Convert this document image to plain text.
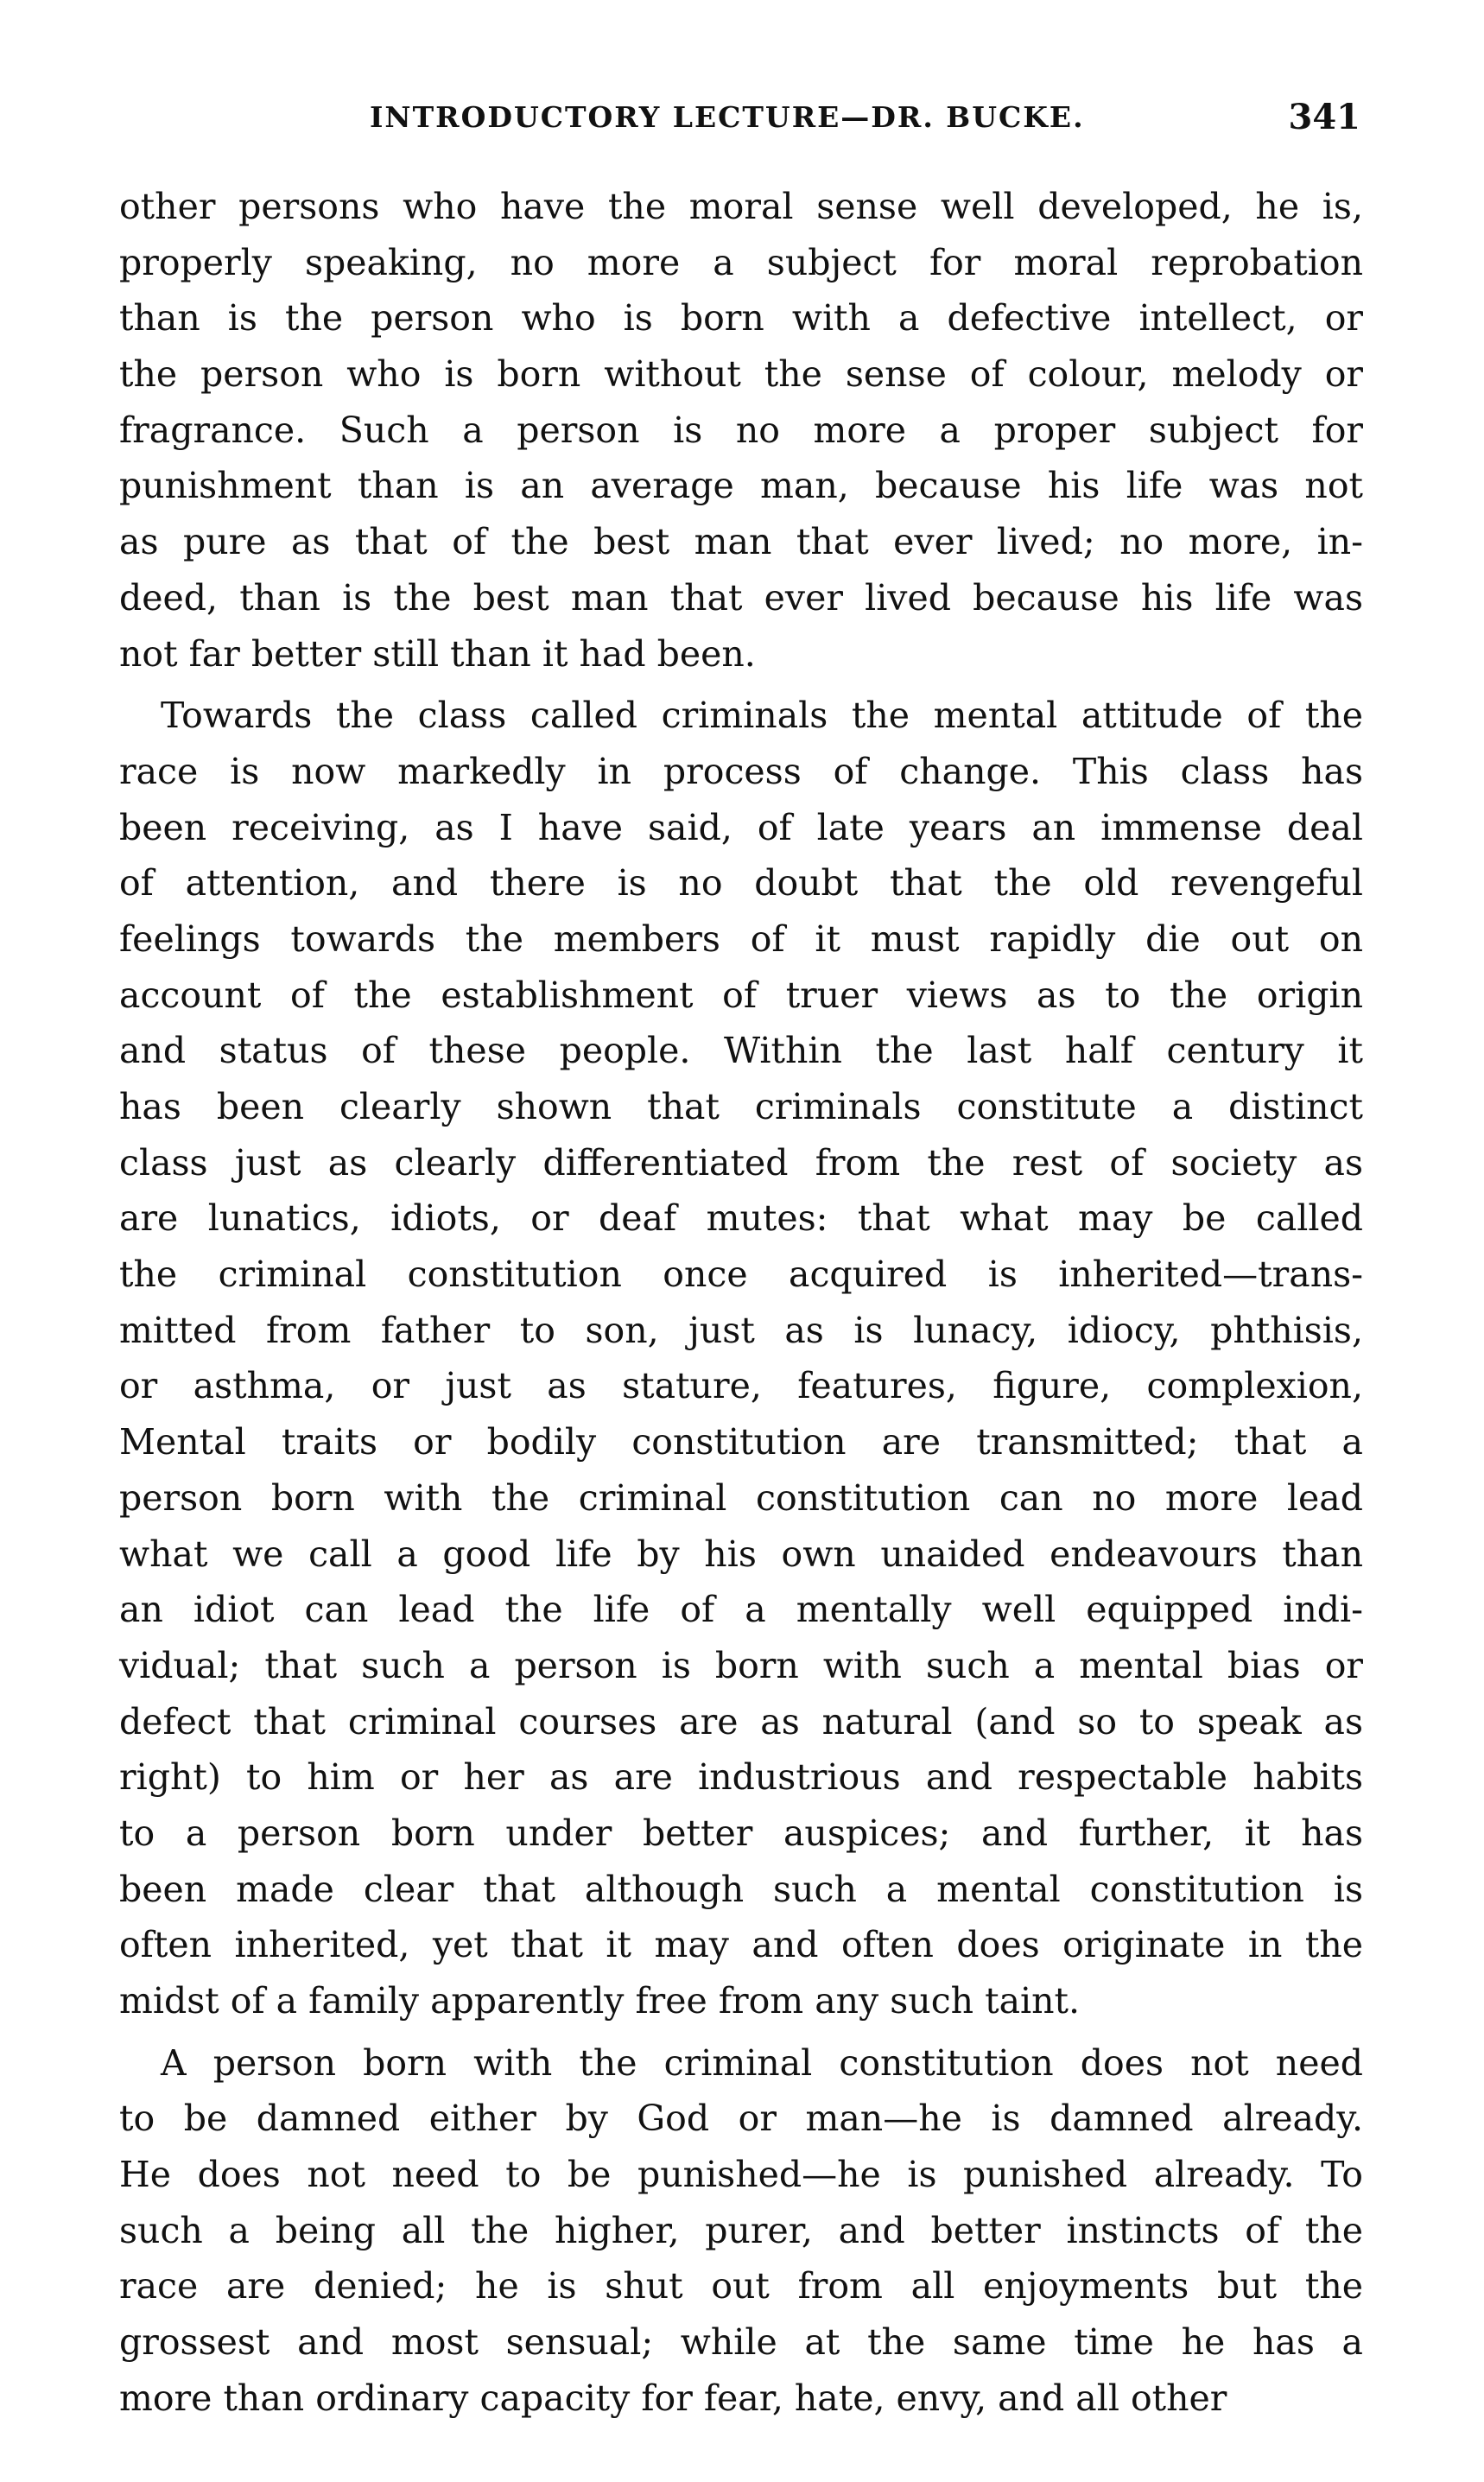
INTRODUCTORY LECTURE—DR. BUCKE.	341
other persons who have the moral sense well developed, he is,
properly speaking, no more a subject for moral reprobation
than is the person who is born with a defective intellect, or
the person who is born without the sense of colour, melody or
fragrance. Such a person is no more a proper subject for
punishment than is an average man, because his life was not
as pure as that of the best man that ever lived; no more, in-
deed, than is the best man that ever lived because his life was
not far better still than it had been.
Towards the class called criminals the mental attitude of the
race is now markedly in process of change. This class has
been receiving, as I have said, of late years an immense deal
of attention, and there is no doubt that the old revengeful
feelings towards the members of it must rapidly die out on
account of the establishment of truer views as to the origin
and status of these people. Within the last half century it
has been clearly shown that criminals constitute a distinct
class just as clearly differentiated from the rest of society as
are lunatics, idiots, or deaf mutes: that what may be called
the criminal constitution once acquired is inherited—trans-
mitted from father to son, just as is lunacy, idiocy, phthisis,
or asthma, or just as stature, features, figure, complexion,
Mental traits or bodily constitution are transmitted; that a
person born with the criminal constitution can no more lead
what we call a good life by his own unaided endeavours than
an idiot can lead the life of a mentally well equipped indi-
vidual; that such a person is born with such a mental bias or
defect that criminal courses are as natural (and so to speak as
right) to him or her as are industrious and respectable habits
to a person born under better auspices; and further, it has
been made clear that although such a mental constitution is
often inherited, yet that it may and often does originate in the
midst of a family apparently free from any such taint.
A person born with the criminal constitution does not need
to be damned either by God or man—he is damned already.
He does not need to be punished—he is punished already. To
such a being all the higher, purer, and better instincts of the
race are denied; he is shut out from all enjoyments but the
grossest and most sensual; while at the same time he has a
more than ordinary capacity for fear, hate, envy, and all other
